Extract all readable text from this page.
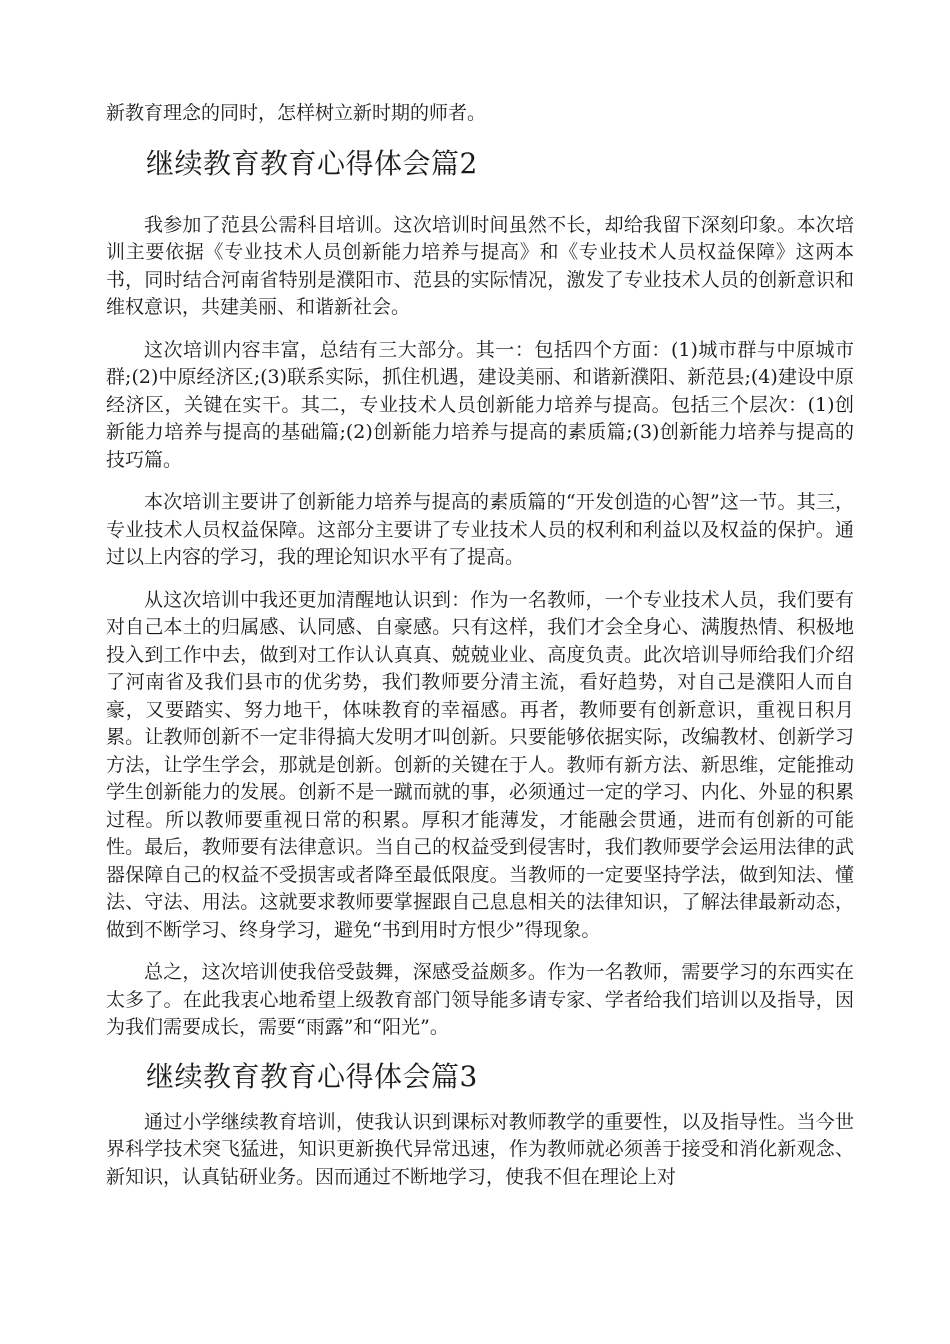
新教育理念的同时，怎样树立新时期的师者。

继续教育教育心得体会篇2

我参加了范县公需科目培训。这次培训时间虽然不长，却给我留下深刻印象。本次培训主要依据《专业技术人员创新能力培养与提高》和《专业技术人员权益保障》这两本书，同时结合河南省特别是濮阳市、范县的实际情况，激发了专业技术人员的创新意识和维权意识，共建美丽、和谐新社会。

这次培训内容丰富，总结有三大部分。其一：包括四个方面：(1)城市群与中原城市群;(2)中原经济区;(3)联系实际，抓住机遇，建设美丽、和谐新濮阳、新范县;(4)建设中原经济区，关键在实干。其二，专业技术人员创新能力培养与提高。包括三个层次：(1)创新能力培养与提高的基础篇;(2)创新能力培养与提高的素质篇;(3)创新能力培养与提高的技巧篇。

本次培训主要讲了创新能力培养与提高的素质篇的“开发创造的心智”这一节。其三，专业技术人员权益保障。这部分主要讲了专业技术人员的权利和利益以及权益的保护。通过以上内容的学习，我的理论知识水平有了提高。

从这次培训中我还更加清醒地认识到：作为一名教师，一个专业技术人员，我们要有对自己本土的归属感、认同感、自豪感。只有这样，我们才会全身心、满腹热情、积极地投入到工作中去，做到对工作认认真真、兢兢业业、高度负责。此次培训导师给我们介绍了河南省及我们县市的优劣势，我们教师要分清主流，看好趋势，对自己是濮阳人而自豪，又要踏实、努力地干，体味教育的幸福感。再者，教师要有创新意识，重视日积月累。让教师创新不一定非得搞大发明才叫创新。只要能够依据实际，改编教材、创新学习方法，让学生学会，那就是创新。创新的关键在于人。教师有新方法、新思维，定能推动学生创新能力的发展。创新不是一蹴而就的事，必须通过一定的学习、内化、外显的积累过程。所以教师要重视日常的积累。厚积才能薄发，才能融会贯通，进而有创新的可能性。最后，教师要有法律意识。当自己的权益受到侵害时，我们教师要学会运用法律的武器保障自己的权益不受损害或者降至最低限度。当教师的一定要坚持学法，做到知法、懂法、守法、用法。这就要求教师要掌握跟自己息息相关的法律知识，了解法律最新动态，做到不断学习、终身学习，避免“书到用时方恨少”得现象。

总之，这次培训使我倍受鼓舞，深感受益颇多。作为一名教师，需要学习的东西实在太多了。在此我衷心地希望上级教育部门领导能多请专家、学者给我们培训以及指导，因为我们需要成长，需要“雨露”和“阳光”。

继续教育教育心得体会篇3

通过小学继续教育培训，使我认识到课标对教师教学的重要性，以及指导性。当今世界科学技术突飞猛进，知识更新换代异常迅速，作为教师就必须善于接受和消化新观念、新知识，认真钻研业务。因而通过不断地学习，使我不但在理论上对
